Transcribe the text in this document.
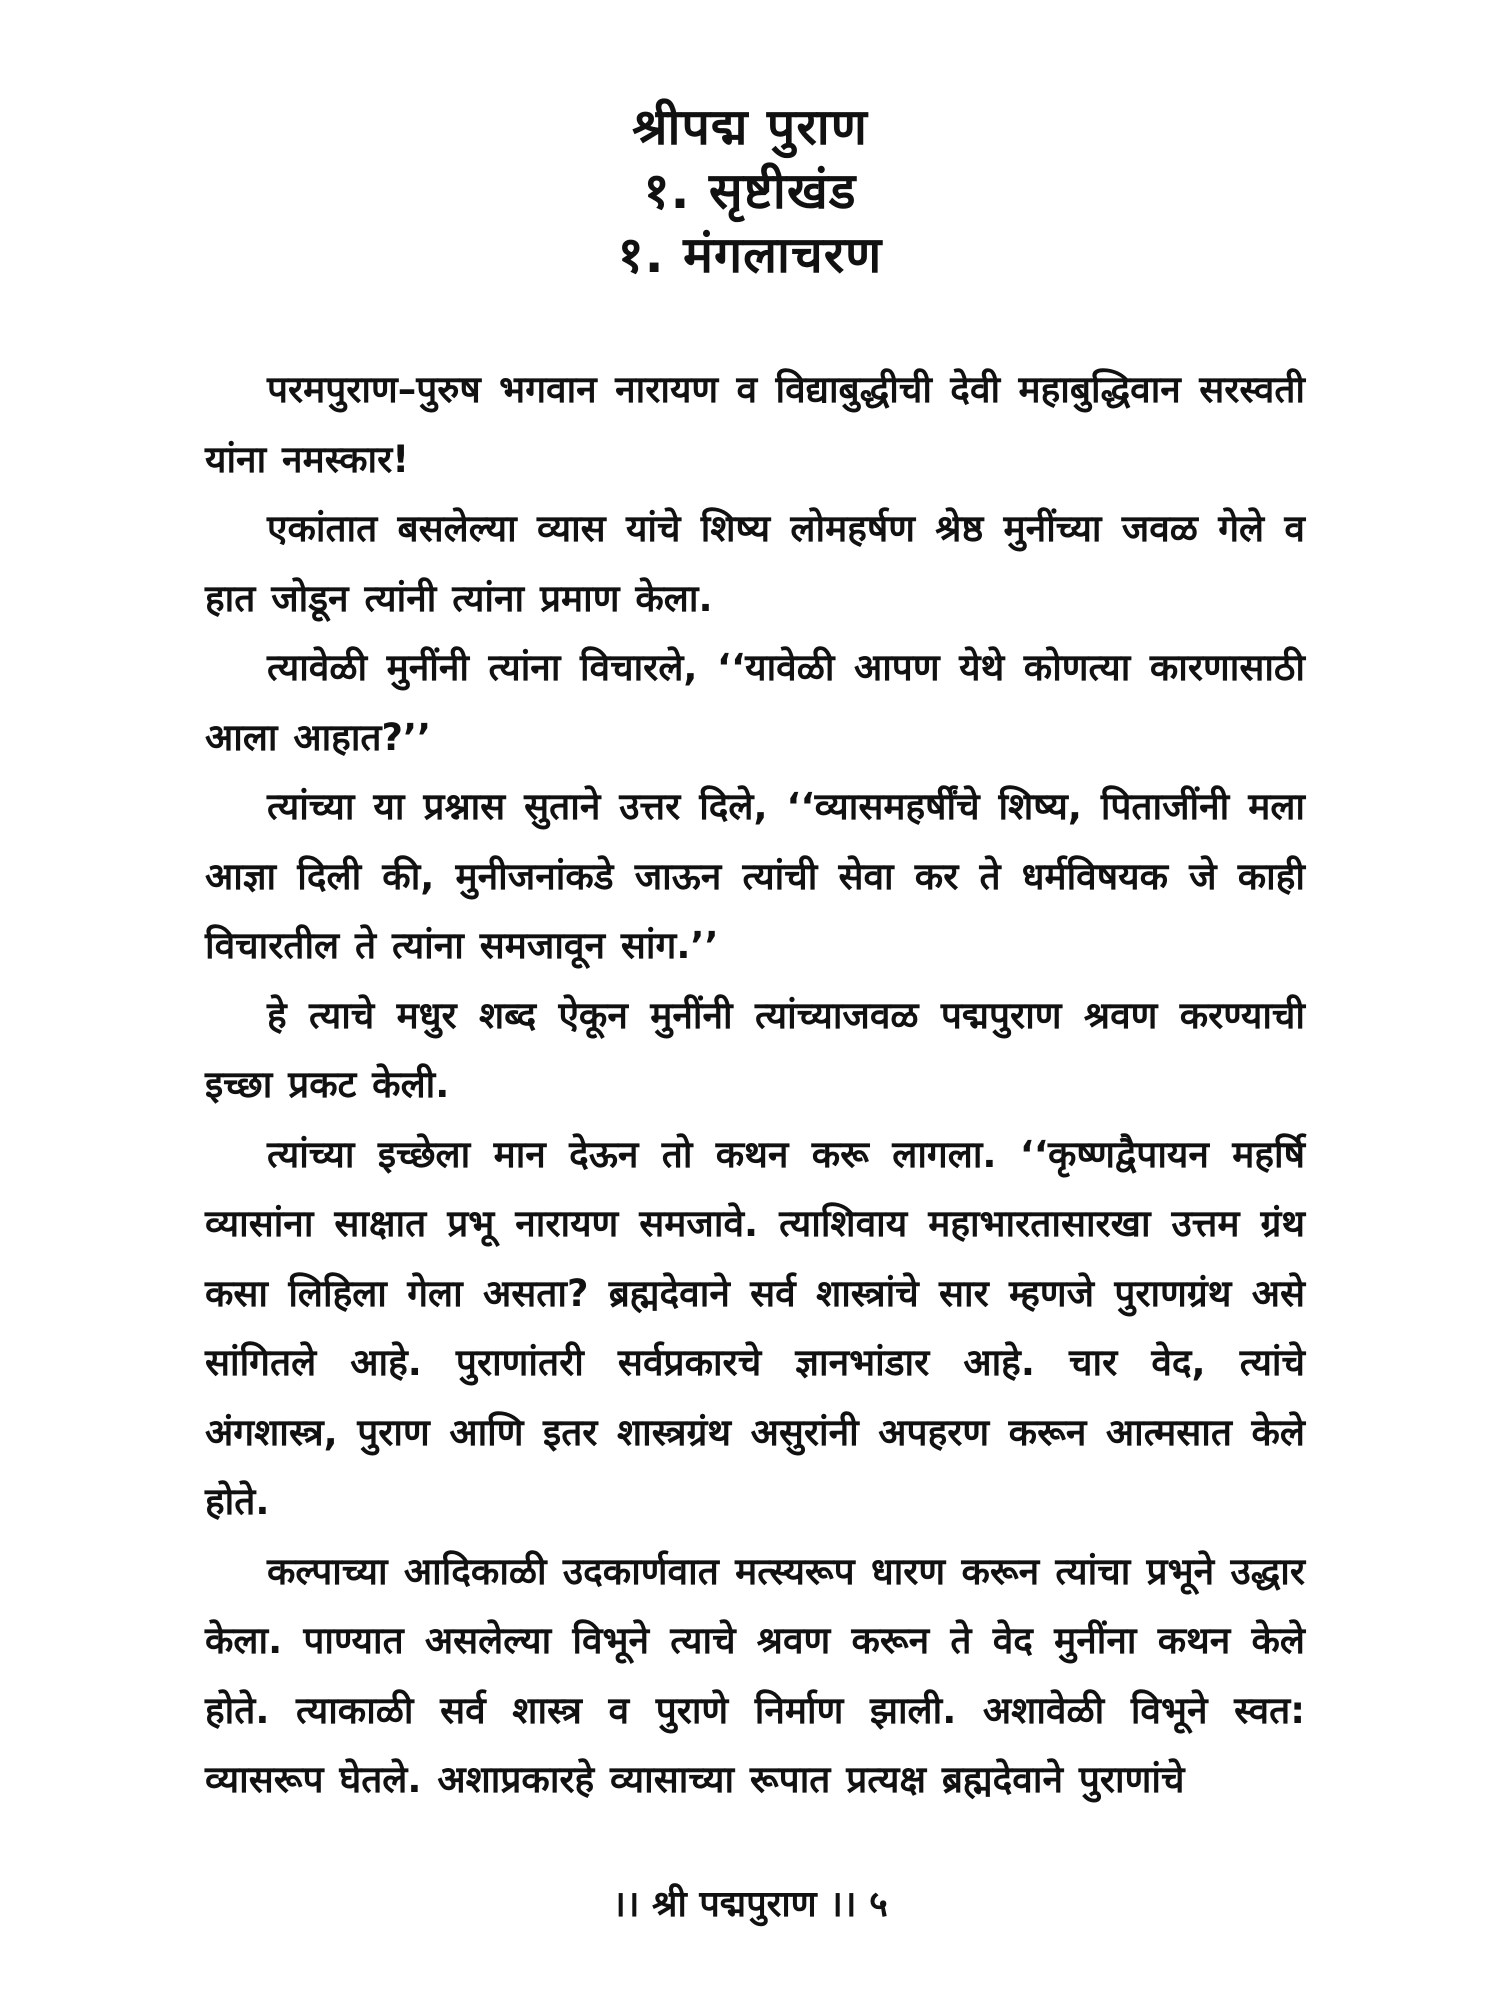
श्रीपद्म पुराण
१. सृष्टीखंड
१. मंगलाचरण

परमपुराण–पुरुष भगवान नारायण व विद्याबुद्धीची देवी महाबुद्धिवान सरस्वती यांना नमस्कार!

एकांतात बसलेल्या व्यास यांचे शिष्य लोमहर्षण श्रेष्ठ मुनींच्या जवळ गेले व हात जोडून त्यांनी त्यांना प्रमाण केला.

त्यावेळी मुनींनी त्यांना विचारले, ‘‘यावेळी आपण येथे कोणत्या कारणासाठी आला आहात?’’

त्यांच्या या प्रश्नास सुताने उत्तर दिले, ‘‘व्यासमहर्षींचे शिष्य, पिताजींनी मला आज्ञा दिली की, मुनीजनांकडे जाऊन त्यांची सेवा कर ते धर्मविषयक जे काही विचारतील ते त्यांना समजावून सांग.’’

हे त्याचे मधुर शब्द ऐकून मुनींनी त्यांच्याजवळ पद्मपुराण श्रवण करण्याची इच्छा प्रकट केली.

त्यांच्या इच्छेला मान देऊन तो कथन करू लागला. ‘‘कृष्णद्वैपायन महर्षि व्यासांना साक्षात प्रभू नारायण समजावे. त्याशिवाय महाभारतासारखा उत्तम ग्रंथ कसा लिहिला गेला असता? ब्रह्मदेवाने सर्व शास्त्रांचे सार म्हणजे पुराणग्रंथ असे सांगितले आहे. पुराणांतरी सर्वप्रकारचे ज्ञानभांडार आहे. चार वेद, त्यांचे अंगशास्त्र, पुराण आणि इतर शास्त्रग्रंथ असुरांनी अपहरण करून आत्मसात केले होते.

कल्पाच्या आदिकाळी उदकार्णवात मत्स्यरूप धारण करून त्यांचा प्रभूने उद्धार केला. पाण्यात असलेल्या विभूने त्याचे श्रवण करून ते वेद मुनींना कथन केले होते. त्याकाळी सर्व शास्त्र व पुराणे निर्माण झाली. अशावेळी विभूने स्वत: व्यासरूप घेतले. अशाप्रकारहे व्यासाच्या रूपात प्रत्यक्ष ब्रह्मदेवाने पुराणांचे

।। श्री पद्मपुराण ।। ५
